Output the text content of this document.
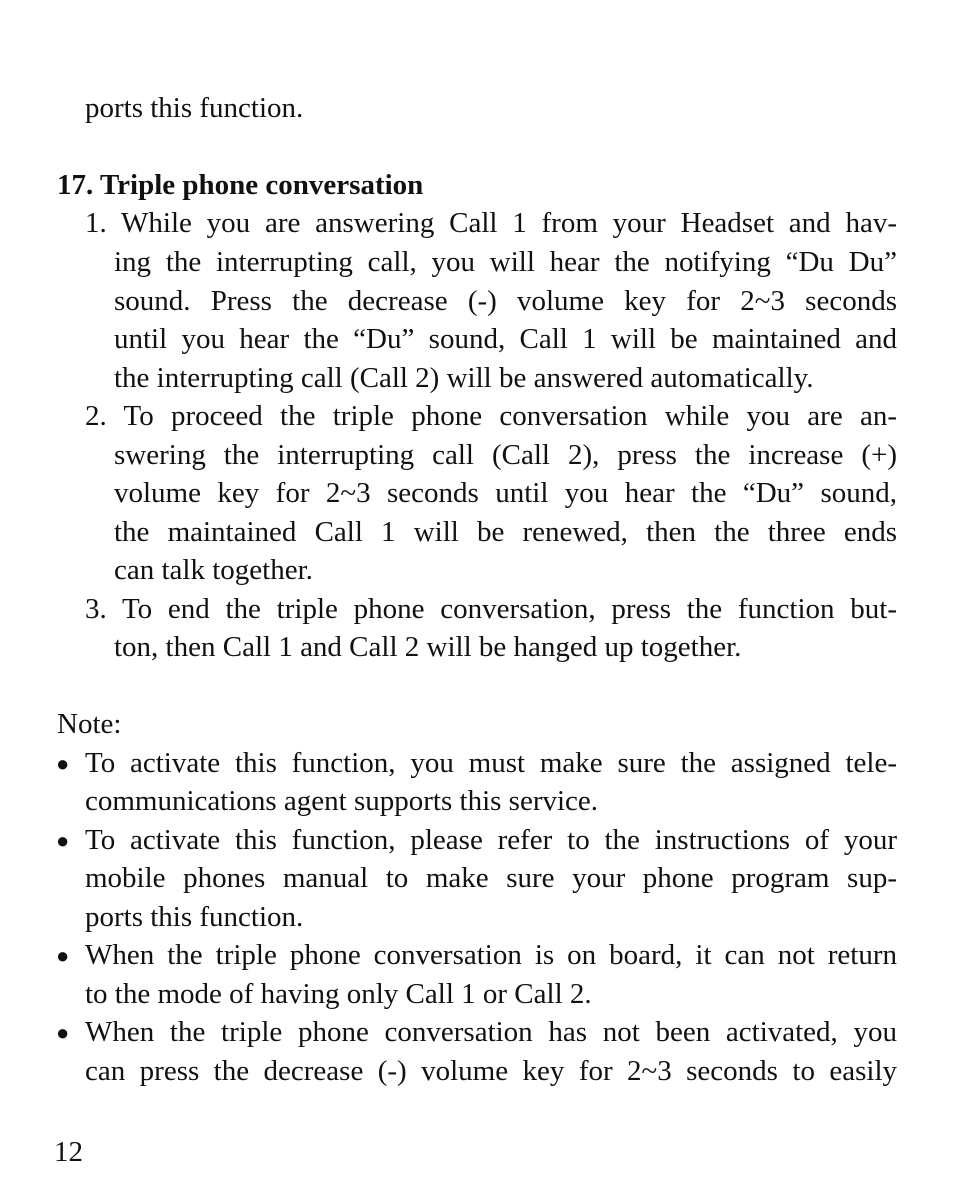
ports this function.
17. Triple phone conversation
1. While you are answering Call 1 from your Headset and hav-
ing the interrupting call, you will hear the notifying “Du Du”
sound. Press the decrease (-) volume key for 2~3 seconds
until you hear the “Du” sound, Call 1 will be maintained and
the interrupting call (Call 2) will be answered automatically.
2. To proceed the triple phone conversation while you are an-
swering the interrupting call (Call 2), press the increase (+)
volume key for 2~3 seconds until you hear the “Du” sound,
the maintained Call 1 will be renewed, then the three ends
can talk together.
3. To end the triple phone conversation, press the function but-
ton, then Call 1 and Call 2 will be hanged up together.
Note:
● To activate this function, you must make sure the assigned tele-
communications agent supports this service.
● To activate this function, please refer to the instructions of your
mobile phones manual to make sure your phone program sup-
ports this function.
● When the triple phone conversation is on board, it can not return
to the mode of having only Call 1 or Call 2.
● When the triple phone conversation has not been activated, you
can press the decrease (-) volume key for 2~3 seconds to easily
12
